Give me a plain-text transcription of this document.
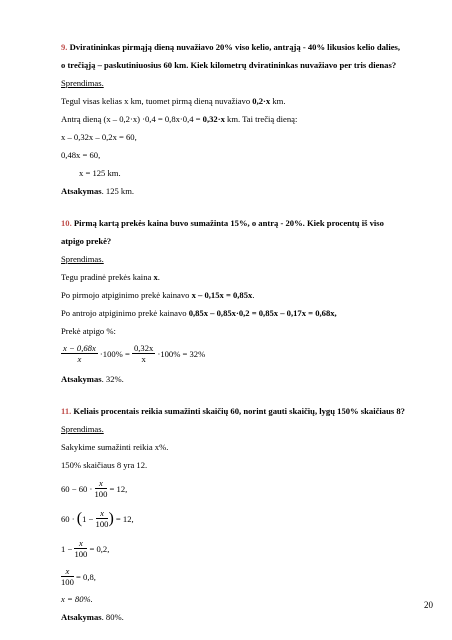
9. Dviratininkas pirmąją dieną nuvažiavo 20% viso kelio, antrąją - 40% likusios kelio dalies,
o trečiąją – paskutiniuosius 60 km. Kiek kilometrų dviratininkas nuvažiavo per tris dienas?
Sprendimas.
Tegul visas kelias x km, tuomet pirmą dieną nuvažiavo 0,2·x km.
Antrą dieną (x – 0,2·x) ·0,4 = 0,8x·0,4 = 0,32·x km. Tai trečią dieną:
x – 0,32x – 0,2x = 60,
0,48x = 60,
x = 125 km.
Atsakymas. 125 km.
10. Pirmą kartą prekės kaina buvo sumažinta 15%, o antrą - 20%. Kiek procentų iš viso
atpigo prekė?
Sprendimas.
Tegu pradinė prekės kaina x.
Po pirmojo atpiginimo prekė kainavo x – 0,15x = 0,85x.
Po antrojo atpiginimo prekė kainavo 0,85x – 0,85x·0,2 = 0,85x – 0,17x = 0,68x,
Prekė atpigo %:
$\frac{x - 0,68x}{x} \cdot 100\% = \frac{0,32x}{x} \cdot 100\% = 32\%$
Atsakymas. 32%.
11. Keliais procentais reikia sumažinti skaičių 60, norint gauti skaičių, lygų 150% skaičiaus 8?
Sprendimas.
Sakykime sumažinti reikia x%.
150% skaičiaus 8 yra 12.
$60 - 60 \cdot \frac{x}{100} = 12$,
60 · ( $1 - \frac{x}{100}$ ) = 12,
$1 - \frac{x}{100} = 0,2$,
$\frac{x}{100} = 0,8$,
x = 80%.
Atsakymas. 80%.
20
